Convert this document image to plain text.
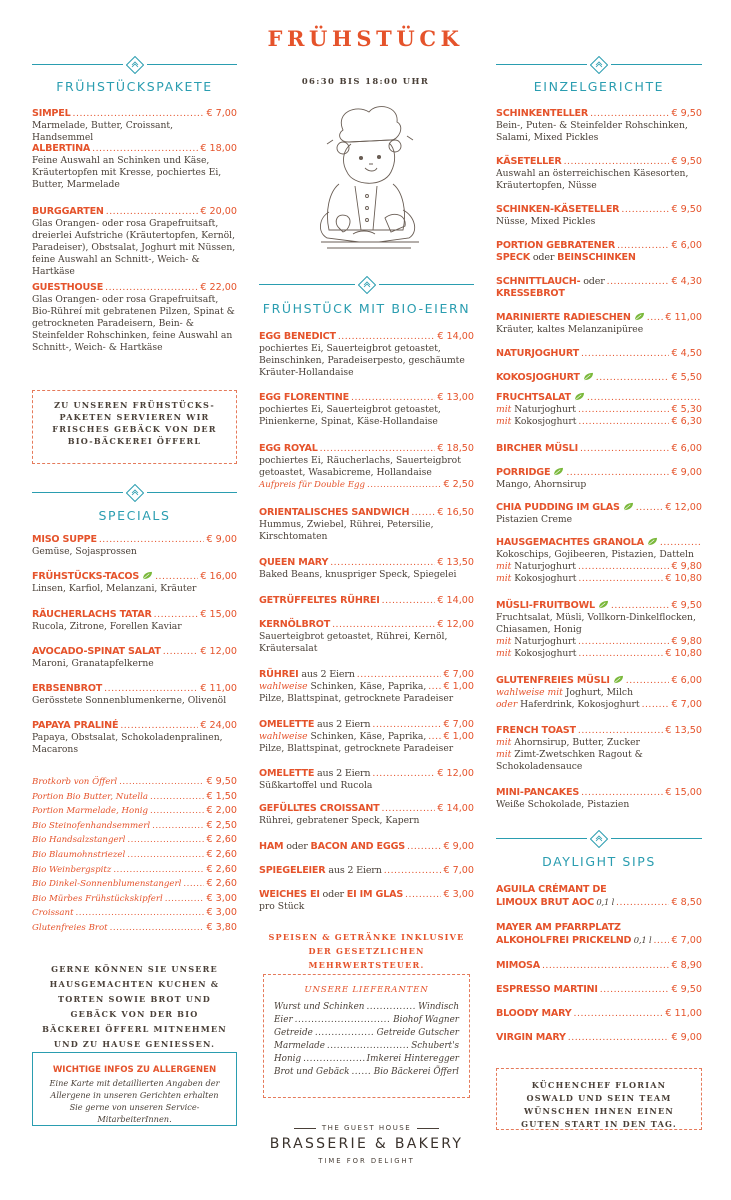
FRÜHSTÜCK
06:30 BIS 18:00 UHR
FRÜHSTÜCKSPAKETE
SIMPEL .....	€ 7,00
Marmelade, Butter, Croissant, Handsemmel
ALBERTINA .....	€ 18,00
Feine Auswahl an Schinken und Käse, Kräutertopfen mit Kresse, pochiertes Ei, Butter, Marmelade
BURGGARTEN .....	€ 20,00
Glas Orangen- oder rosa Grapefruitsaft, dreierlei Aufstriche (Kräutertopfen, Kernöl, Paradeiser), Obstsalat, Joghurt mit Nüssen, feine Auswahl an Schnitt-, Weich- & Hartkäse
GUESTHOUSE .....	€ 22,00
Glas Orangen- oder rosa Grapefruitsaft, Bio-Rühreí mit gebratenen Pilzen, Spinat & getrockneten Paradeisern, Bein- & Steinfelder Rohschinken, feine Auswahl an Schnitt-, Weich- & Hartkäse
ZU UNSEREN FRÜHSTÜCKS-PAKETEN SERVIEREN WIR FRISCHES GEBÄCK VON DER BIO-BÄCKEREI ÖFFERL
SPECIALS
MISO SUPPE .....	€ 9,00
Gemüse, Sojasprossen
FRÜHSTÜCKS-TACOS .....	€ 16,00
Linsen, Karfiol, Melanzani, Kräuter
RÄUCHERLACHS TATAR .....	€ 15,00
Rucola, Zitrone, Forellen Kaviar
AVOCADO-SPINAT SALAT .....	€ 12,00
Maroni, Granatapfelkerne
ERBSENBROT .....	€ 11,00
Gerösstete Sonnenblumenkerne, Olivenöl
PAPAYA PRALINÉ .....	€ 24,00
Papaya, Obstsalat, Schokoladenpralinen, Macarons
Brotkorb von Öfferl .....	€ 9,50
Portion Bio Butter, Nutella .....	€ 1,50
Portion Marmelade, Honig .....	€ 2,00
Bio Steinofenhandsemmerl .....	€ 2,50
Bio Handsalzstangerl .....	€ 2,60
Bio Blaumohnstriezel .....	€ 2,60
Bio Weinbergspitz .....	€ 2,60
Bio Dinkel-Sonnenblumenstangerl .....	€ 2,60
Bio Mürbes Frühstückskipferl .....	€ 3,00
Croissant .....	€ 3,00
Glutenfreies Brot .....	€ 3,80
GERNE KÖNNEN SIE UNSERE HAUSGEMACHTEN KUCHEN & TORTEN SOWIE BROT UND GEBÄCK VON DER BIO BÄCKEREI ÖFFERL MITNEHMEN UND ZU HAUSE GENIESSEN.
WICHTIGE INFOS ZU ALLERGENEN
Eine Karte mit detaillierten Angaben der Allergene in unseren Gerichten erhalten Sie gerne von unseren Service-MitarbeiterInnen.
FRÜHSTÜCK MIT BIO-EIERN
EGG BENEDICT .....	€ 14,00
pochiertes Ei, Sauerteigbrot getoastet, Beinschinken, Paradeiserpesto, geschäumte Kräuter-Hollandaise
EGG FLORENTINE .....	€ 13,00
pochiertes Ei, Sauerteigbrot getoastet, Pinienkerne, Spinat, Käse-Hollandaise
EGG ROYAL .....	€ 18,50
pochiertes Ei, Räucherlachs, Sauerteigbrot getoastet, Wasabicreme, Hollandaise
Aufpreis für Double Egg .....	€ 2,50
ORIENTALISCHES SANDWICH .....	€ 16,50
Hummus, Zwiebel, Rührei, Petersilie, Kirschtomaten
QUEEN MARY .....	€ 13,50
Baked Beans, knuspriger Speck, Spiegelei
GETRÜFFELTES RÜHREI .....	€ 14,00
KERNÖLBROT .....	€ 12,00
Sauerteigbrot getoastet, Rührei, Kernöl, Kräutersalat
RÜHREI aus 2 Eiern .....	€ 7,00
wahlweise Schinken, Käse, Paprika, ..... € 1,00
Pilze, Blattspinat, getrocknete Paradeiser
OMELETTE aus 2 Eiern .....	€ 7,00
wahlweise Schinken, Käse, Paprika, ..... € 1,00
Pilze, Blattspinat, getrocknete Paradeiser
OMELETTE aus 2 Eiern .....	€ 12,00
Süßkartoffel und Rucola
GEFÜLLTES CROISSANT .....	€ 14,00
Rührei, gebratener Speck, Kapern
HAM oder BACON AND EGGS .....	€ 9,00
SPIEGELEIER aus 2 Eiern .....	€ 7,00
WEICHES EI oder EI IM GLAS .....	€ 3,00
pro Stück
SPEISEN & GETRÄNKE INKLUSIVE DER GESETZLICHEN MEHRWERTSTEUER.
UNSERE LIEFERANTEN
Wurst und Schinken .....	Windisch
Eier .....	Biohof Wagner
Getreide .....	Getreide Gutscher
Marmelade .....	Schubert's
Honig .....	Imkerei Hinteregger
Brot und Gebäck .....	Bio Bäckerei Öfferl
THE GUEST HOUSE
BRASSERIE & BAKERY
TIME FOR DELIGHT
EINZELGERICHTE
SCHINKENTELLER .....	€ 9,50
Bein-, Puten- & Steinfelder Rohschinken, Salami, Mixed Pickles
KÄSETELLER .....	€ 9,50
Auswahl an österreichischen Käsesorten, Kräutertopfen, Nüsse
SCHINKEN-KÄSETELLER .....	€ 9,50
Nüsse, Mixed Pickles
PORTION GEBRATENER .....	€ 6,00
SPECK oder BEINSCHINKEN
SCHNITTLAUCH- oder .....	€ 4,30
KRESSEBROT
MARINIERTE RADIESCHEN .....	€ 11,00
Kräuter, kaltes Melanzanipüree
NATURJOGHURT .....	€ 4,50
KOKOSJOGHURT .....	€ 5,50
FRUCHTSALAT
.....
mit Naturjoghurt .....	€ 5,30
mit Kokosjoghurt .....	€ 6,30
BIRCHER MÜSLI .....	€ 6,00
PORRIDGE .....	€ 9,00
Mango, Ahornsirup
CHIA PUDDING IM GLAS .....	€ 12,00
Pistazien Creme
HAUSGEMACHTES GRANOLA
.....
Kokoschips, Gojibeeren, Pistazien, Datteln
mit Naturjoghurt .....	€ 9,80
mit Kokosjoghurt .....	€ 10,80
MÜSLI-FRUITBOWL .....	€ 9,50
Fruchtsalat, Müsli, Vollkorn-Dinkelflocken, Chiasamen, Honig
mit Naturjoghurt .....	€ 9,80
mit Kokosjoghurt .....	€ 10,80
GLUTENFREIES MÜSLI .....	€ 6,00
wahlweise mit Joghurt, Milch
oder Haferdrink, Kokosjoghurt .....	€ 7,00
FRENCH TOAST .....	€ 13,50
mit Ahornsirup, Butter, Zucker
mit Zimt-Zwetschken Ragout &
Schokoladensauce
MINI-PANCAKES .....	€ 15,00
Weiße Schokolade, Pistazien
DAYLIGHT SIPS
AGUILA CRÉMANT DE
LIMOUX BRUT AOC 0,1 l .....	€ 8,50
MAYER AM PFARRPLATZ
ALKOHOLFREI PRICKELND 0,1 l ..... € 7,00
MIMOSA .....	€ 8,90
ESPRESSO MARTINI .....	€ 9,50
BLOODY MARY .....	€ 11,00
VIRGIN MARY .....	€ 9,00
KÜCHENCHEF FLORIAN OSWALD UND SEIN TEAM WÜNSCHEN IHNEN EINEN GUTEN START IN DEN TAG.
